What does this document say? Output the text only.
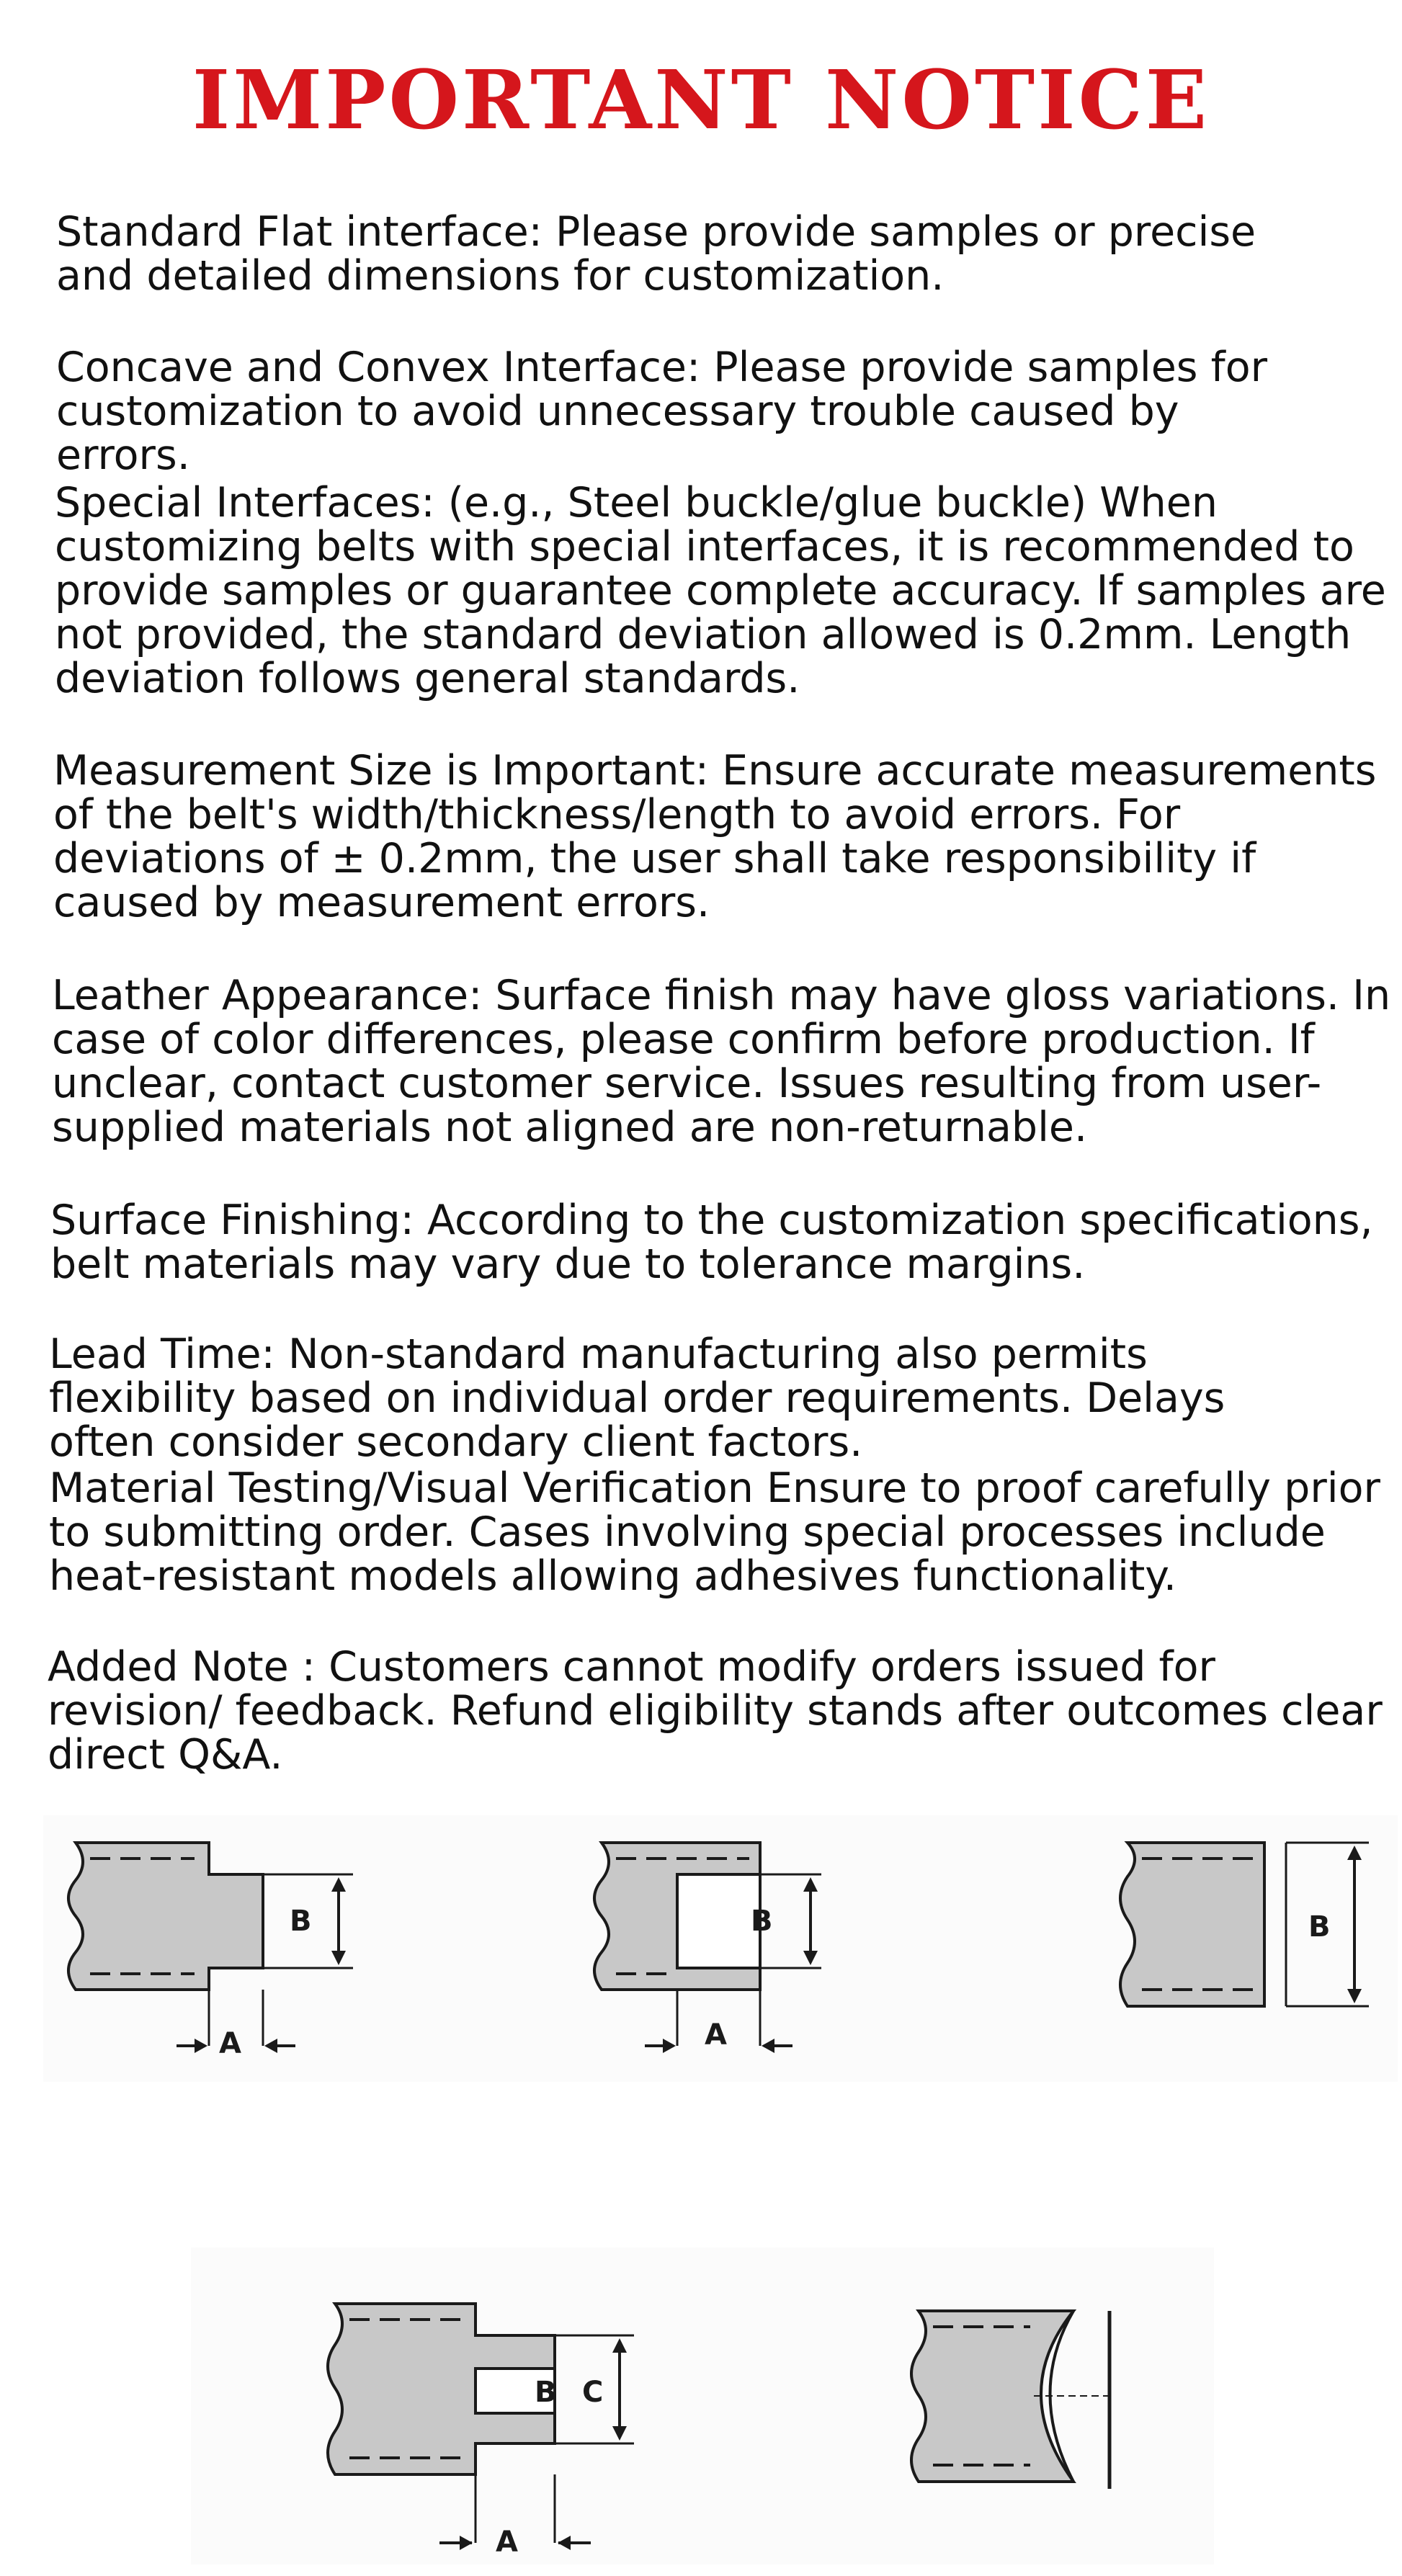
IMPORTANT NOTICE

Standard Flat interface: Please provide samples or precise and detailed dimensions for customization.

Concave and Convex Interface: Please provide samples for customization to avoid unnecessary trouble caused by errors.

Special Interfaces: (e.g., Steel buckle/glue buckle) When customizing belts with special interfaces, it is recommended to provide samples or guarantee complete accuracy. If samples are not provided, the standard deviation allowed is 0.2mm. Length deviation follows general standards.

Measurement Size is Important: Ensure accurate measurements of the belt's width/thickness/length to avoid errors. For deviations of ± 0.2mm, the user shall take responsibility if caused by measurement errors.

Leather Appearance: Surface finish may have gloss variations. In case of color differences, please confirm before production. If unclear, contact customer service. Issues resulting from user-supplied materials not aligned are non-returnable.

Surface Finishing: According to the customization specifications, belt materials may vary due to tolerance margins.

Lead Time: Non-standard manufacturing also permits flexibility based on individual order requirements. Delays often consider secondary client factors.

Material Testing/Visual Verification Ensure to proof carefully prior to submitting order. Cases involving special processes include heat-resistant models allowing adhesives functionality.

Added Note : Customers cannot modify orders issued for revision/ feedback. Refund eligibility stands after outcomes clear direct Q&A.

B
A
B
A
B
B C
A
